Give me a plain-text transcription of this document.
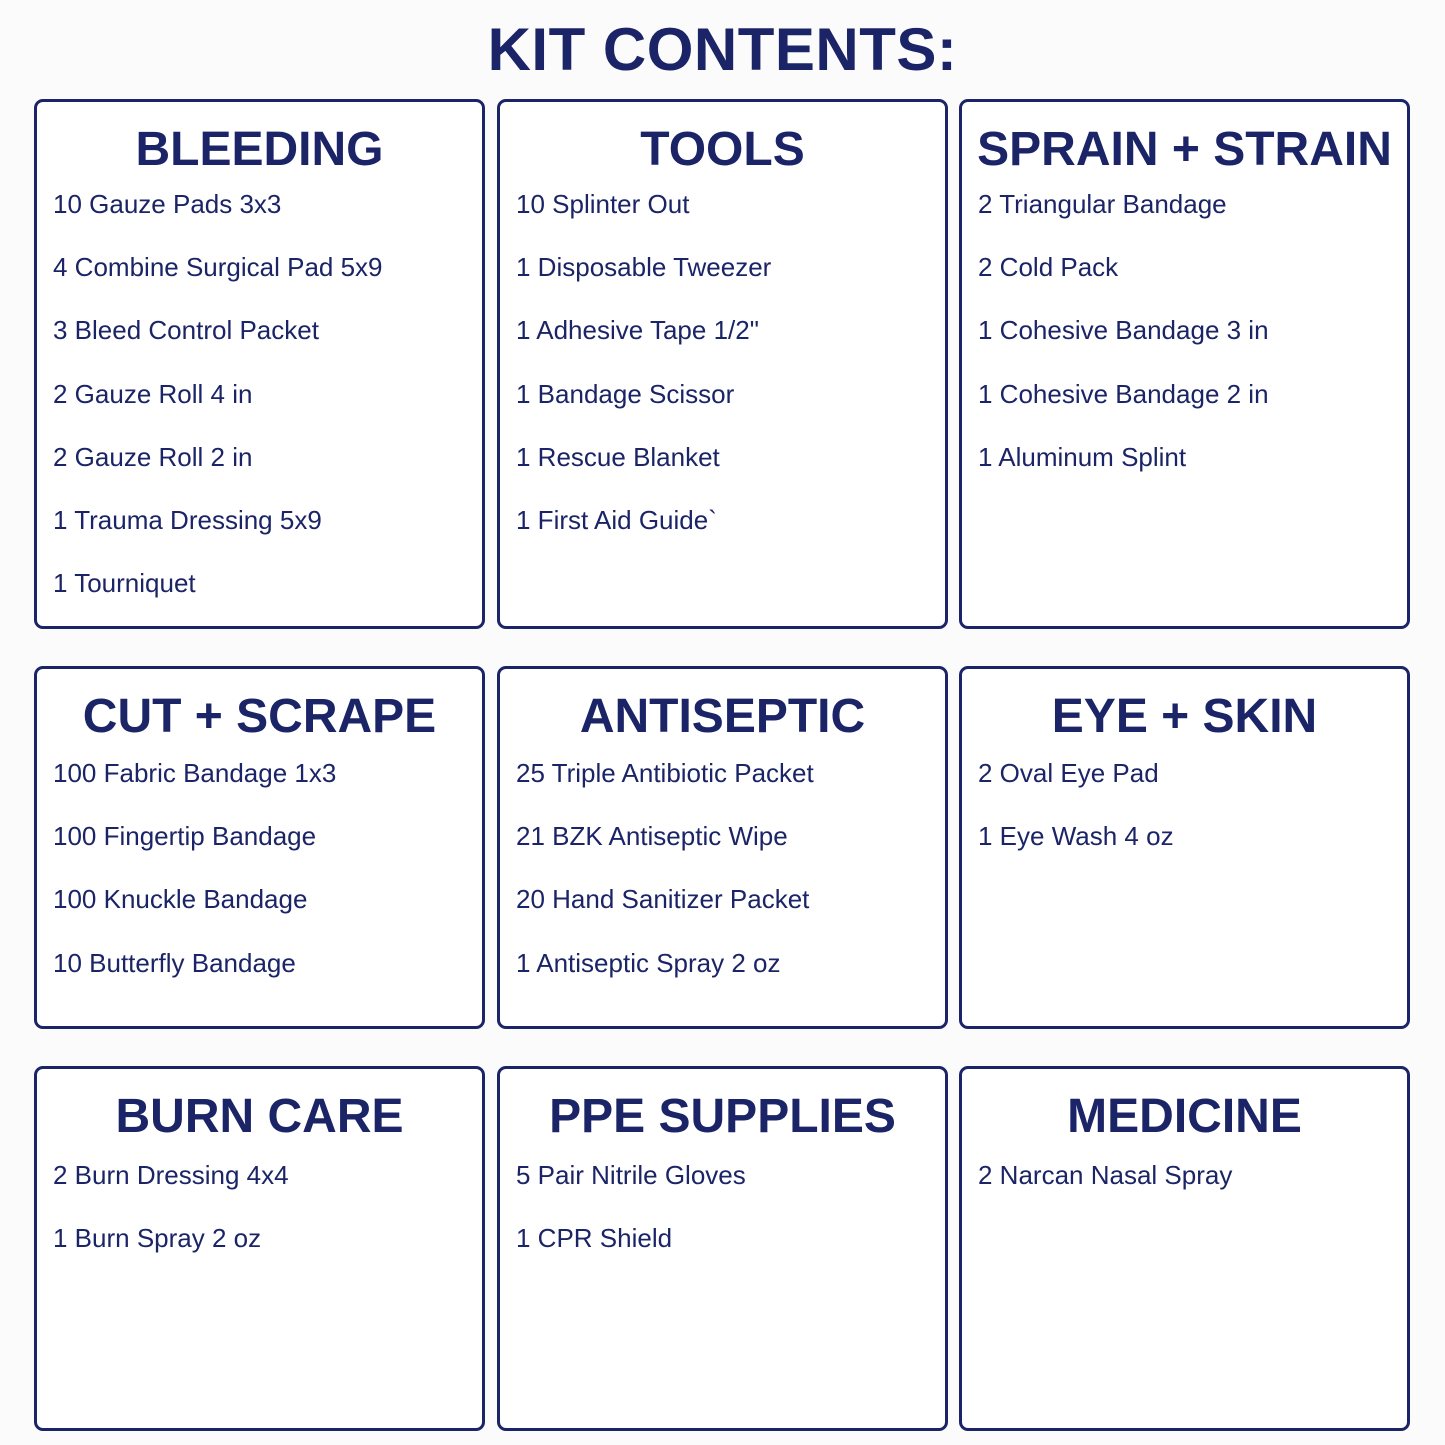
KIT CONTENTS:
BLEEDING
10 Gauze Pads 3x3
4 Combine Surgical Pad 5x9
3 Bleed Control Packet
2 Gauze Roll 4 in
2 Gauze Roll 2 in
1 Trauma Dressing 5x9
1 Tourniquet
TOOLS
10 Splinter Out
1 Disposable Tweezer
1 Adhesive Tape 1/2"
1 Bandage Scissor
1 Rescue Blanket
1 First Aid Guide`
SPRAIN + STRAIN
2 Triangular Bandage
2 Cold Pack
1 Cohesive Bandage 3 in
1 Cohesive Bandage 2 in
1 Aluminum Splint
CUT + SCRAPE
100 Fabric Bandage 1x3
100 Fingertip Bandage
100 Knuckle Bandage
10 Butterfly Bandage
ANTISEPTIC
25 Triple Antibiotic Packet
21 BZK Antiseptic Wipe
20 Hand Sanitizer Packet
1 Antiseptic Spray 2 oz
EYE + SKIN
2 Oval Eye Pad
1 Eye Wash 4 oz
BURN CARE
2 Burn Dressing 4x4
1 Burn Spray 2 oz
PPE SUPPLIES
5 Pair Nitrile Gloves
1 CPR Shield
MEDICINE
2 Narcan Nasal Spray
